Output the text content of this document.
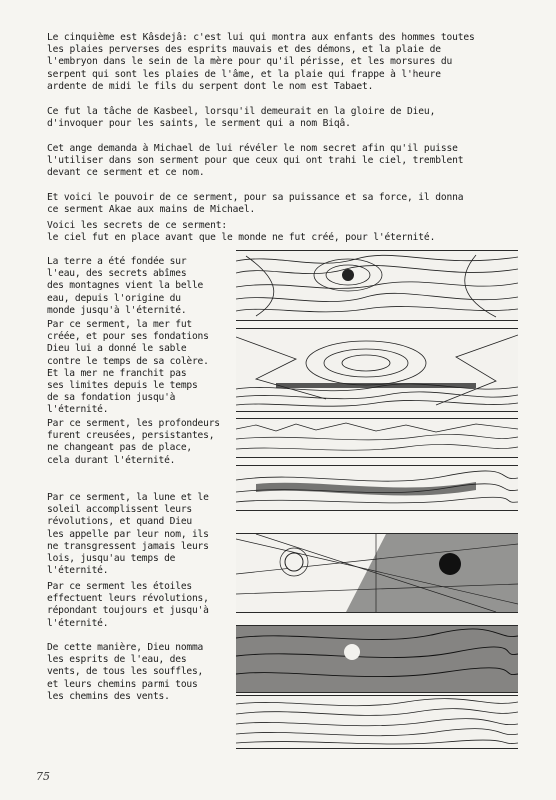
Le cinquième est Kâsdejâ: c'est lui qui montra aux enfants des hommes toutes
les plaies perverses des esprits mauvais et des démons, et la plaie de
l'embryon dans le sein de la mère pour qu'il périsse, et les morsures du
serpent qui sont les plaies de l'âme, et la plaie qui frappe à l'heure
ardente de midi le fils du serpent dont le nom est Tabaet.

Ce fut la tâche de Kasbeel, lorsqu'il demeurait en la gloire de Dieu,
d'invoquer pour les saints, le serment qui a nom Biqâ.

Cet ange demanda à Michael de lui révéler le nom secret afin qu'il puisse
l'utiliser dans son serment pour que ceux qui ont trahi le ciel, tremblent
devant ce serment et ce nom.

Et voici le pouvoir de ce serment, pour sa puissance et sa force, il donna
ce serment Akae aux mains de Michael.

Voici les secrets de ce serment:
le ciel fut en place avant que le monde ne fut créé, pour l'éternité.

La terre a été fondée sur
l'eau, des secrets abîmes
des montagnes vient la belle
eau, depuis l'origine du
monde jusqu'à l'éternité.

Par ce serment, la mer fut
créée, et pour ses fondations
Dieu lui a donné le sable
contre le temps de sa colère.
Et la mer ne franchit pas
ses limites depuis le temps
de sa fondation jusqu'à
l'éternité.

Par ce serment, les profondeurs
furent creusées, persistantes,
ne changeant pas de place,
cela durant l'éternité.

Par ce serment, la lune et le
soleil accomplissent leurs
révolutions, et quand Dieu
les appelle par leur nom, ils
ne transgressent jamais leurs
lois, jusqu'au temps de
l'éternité.

Par ce serment les étoiles
effectuent leurs révolutions,
répondant toujours et jusqu'à
l'éternité.

De cette manière, Dieu nomma
les esprits de l'eau, des
vents, de tous les souffles,
et leurs chemins parmi tous
les chemins des vents.

75
